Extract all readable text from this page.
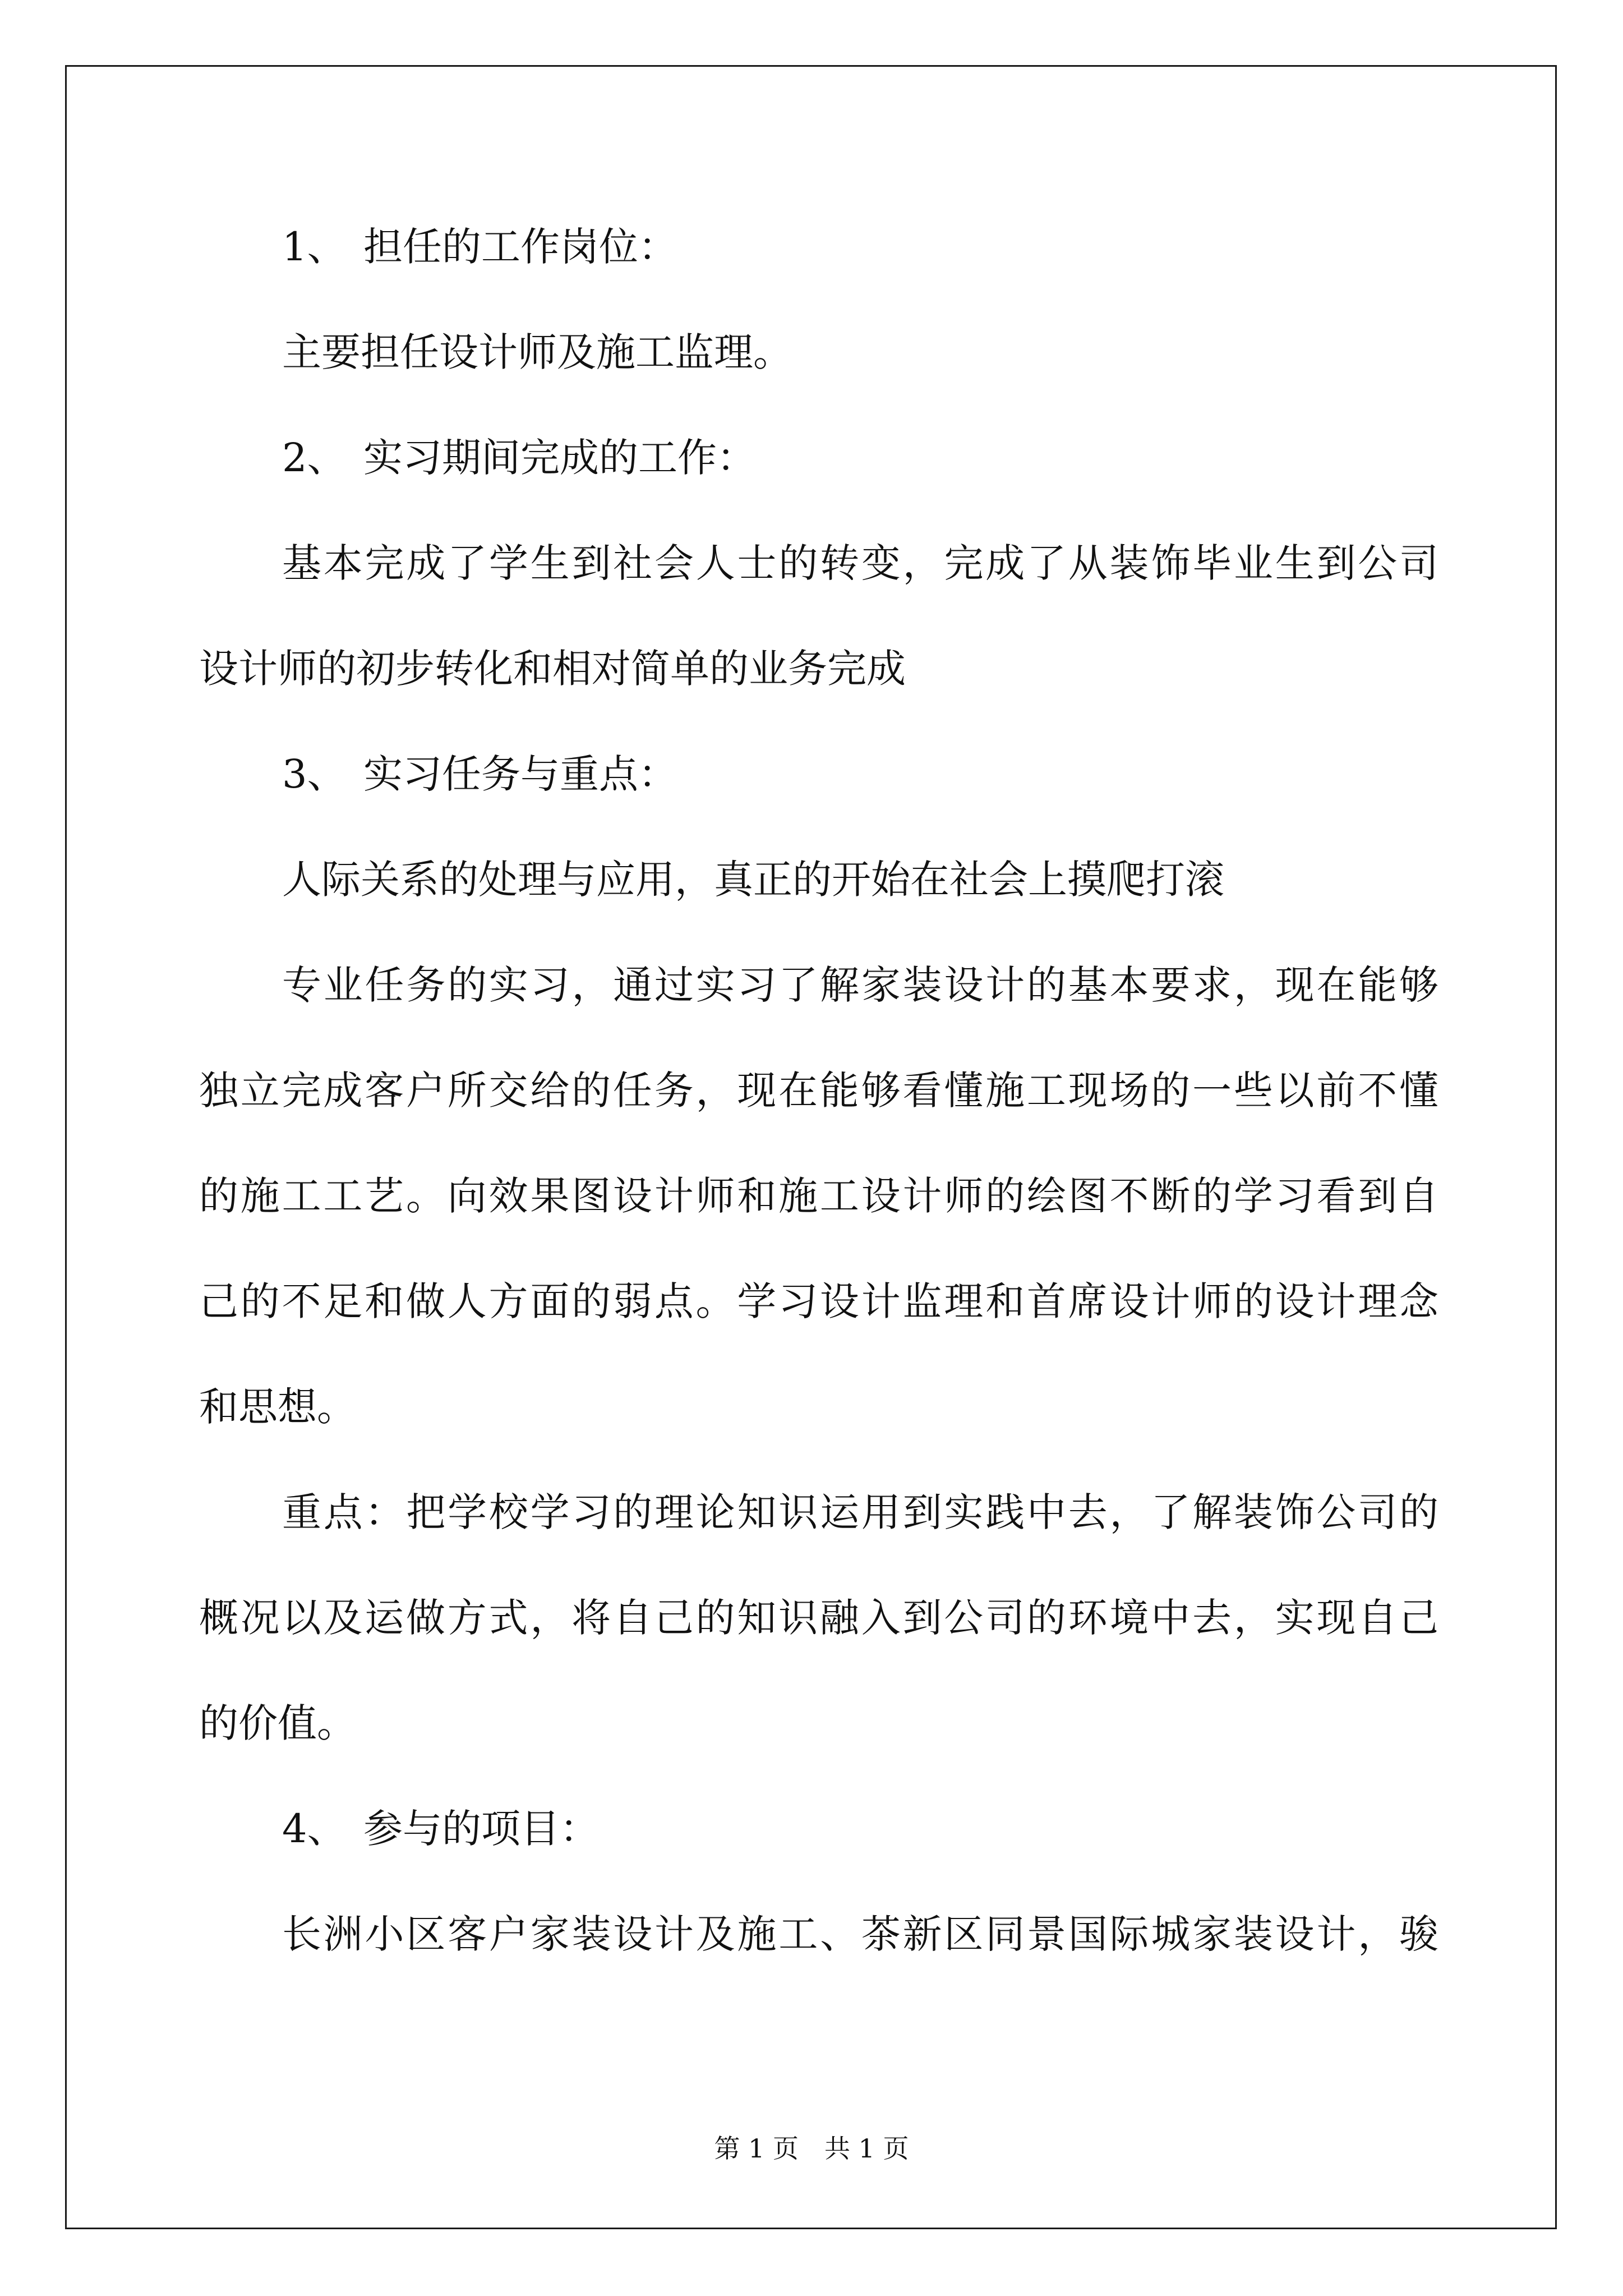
1、 担任的工作岗位：
主要担任设计师及施工监理。
2、 实习期间完成的工作：
基本完成了学生到社会人士的转变，完成了从装饰毕业生到公司
设计师的初步转化和相对简单的业务完成
3、 实习任务与重点：
人际关系的处理与应用，真正的开始在社会上摸爬打滚
专业任务的实习，通过实习了解家装设计的基本要求，现在能够
独立完成客户所交给的任务，现在能够看懂施工现场的一些以前不懂
的施工工艺。向效果图设计师和施工设计师的绘图不断的学习看到自
己的不足和做人方面的弱点。学习设计监理和首席设计师的设计理念
和思想。
重点：把学校学习的理论知识运用到实践中去，了解装饰公司的
概况以及运做方式，将自己的知识融入到公司的环境中去，实现自己
的价值。
4、 参与的项目：
长洲小区客户家装设计及施工、茶新区同景国际城家装设计，骏
第 1 页　共 1 页
